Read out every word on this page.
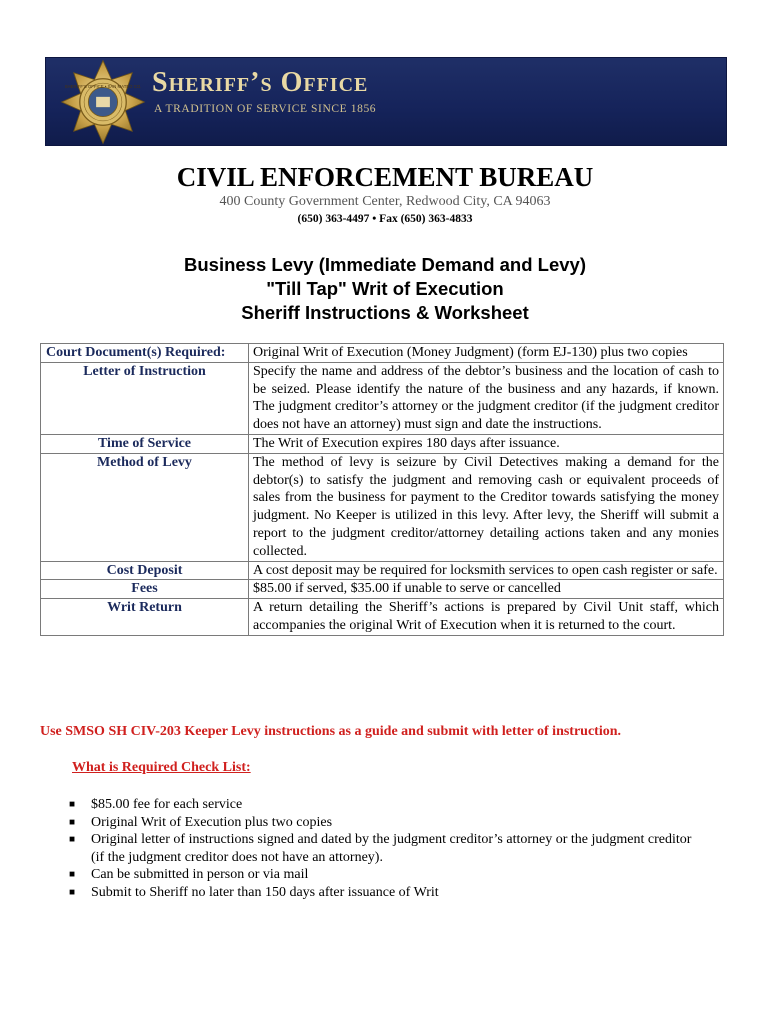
SHERIFF'S OFFICE • SAN MATEO CO. Sheriff’s Office
A TRADITION OF SERVICE SINCE 1856
CIVIL ENFORCEMENT BUREAU
400 County Government Center, Redwood City, CA 94063
(650) 363-4497 • Fax (650) 363-4833
Business Levy (Immediate Demand and Levy)
"Till Tap" Writ of Execution
Sheriff Instructions & Worksheet
Court Document(s) Required:	Original Writ of Execution (Money Judgment) (form EJ-130) plus two copies
Letter of Instruction	Specify the name and address of the debtor’s business and the location of cash to be seized. Please identify the nature of the business and any hazards, if known. The judgment creditor’s attorney or the judgment creditor (if the judgment creditor does not have an attorney) must sign and date the instructions.
Time of Service	The Writ of Execution expires 180 days after issuance.
Method of Levy	The method of levy is seizure by Civil Detectives making a demand for the debtor(s) to satisfy the judgment and removing cash or equivalent proceeds of sales from the business for payment to the Creditor towards satisfying the money judgment. No Keeper is utilized in this levy. After levy, the Sheriff will submit a report to the judgment creditor/attorney detailing actions taken and any monies collected.
Cost Deposit	A cost deposit may be required for locksmith services to open cash register or safe.
Fees	$85.00 if served, $35.00 if unable to serve or cancelled
Writ Return	A return detailing the Sheriff’s actions is prepared by Civil Unit staff, which accompanies the original Writ of Execution when it is returned to the court.
Use SMSO SH CIV-203 Keeper Levy instructions as a guide and submit with letter of instruction.
What is Required Check List:
■ $85.00 fee for each service
■ Original Writ of Execution plus two copies
■ Original letter of instructions signed and dated by the judgment creditor’s attorney or the judgment creditor (if the judgment creditor does not have an attorney).
■ Can be submitted in person or via mail
■ Submit to Sheriff no later than 150 days after issuance of Writ
